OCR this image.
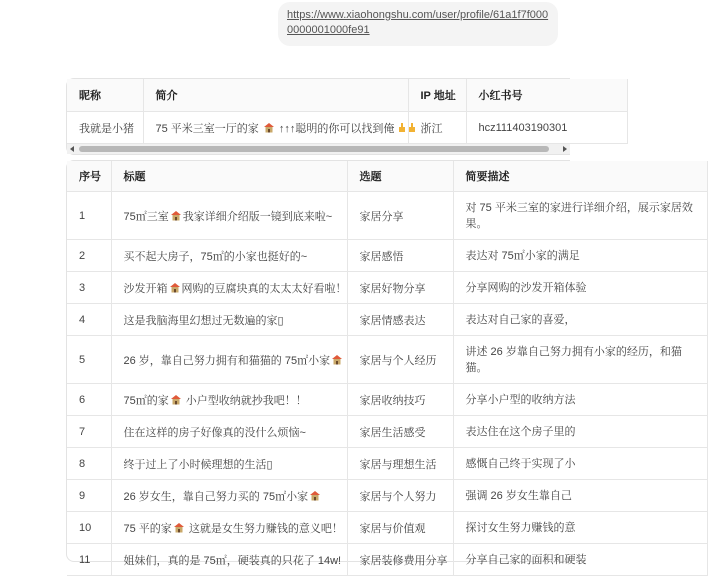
https://www.xiaohongshu.com/user/profile/61a1f7f0000000001000fe91
昵称	简介	IP 地址	小红书号
我就是小猪	75 平米三室一厅的家 ↑↑↑聪明的你可以找到俺	浙江	hcz111403190301
序号	标题	选题	简要描述
1	75㎡三室 我家详细介绍版一镜到底来啦~	家居分享	对 75 平米三室的家进行详细介绍，展示家居效果。
2	买不起大房子，75㎡的小家也挺好的~	家居感悟	表达对 75㎡小家的满足
3	沙发开箱 网购的豆腐块真的太太太好看啦！	家居好物分享	分享网购的沙发开箱体验
4	这是我脑海里幻想过无数遍的家▯	家居情感表达	表达对自己家的喜爱，
5	26 岁，靠自己努力拥有和猫猫的 75㎡小家	家居与个人经历	讲述 26 岁靠自己努力拥有小家的经历，和猫猫。
6	75㎡的家 小户型收纳就抄我吧！！	家居收纳技巧	分享小户型的收纳方法
7	住在这样的房子好像真的没什么烦恼~	家居生活感受	表达住在这个房子里的
8	终于过上了小时候理想的生活▯	家居与理想生活	感慨自己终于实现了小
9	26 岁女生，靠自己努力买的 75㎡小家	家居与个人努力	强调 26 岁女生靠自己
10	75 平的家 这就是女生努力赚钱的意义吧！	家居与价值观	探讨女生努力赚钱的意
11	姐妹们，真的是 75㎡，硬装真的只花了 14w!	家居装修费用分享	分享自己家的面积和硬装
